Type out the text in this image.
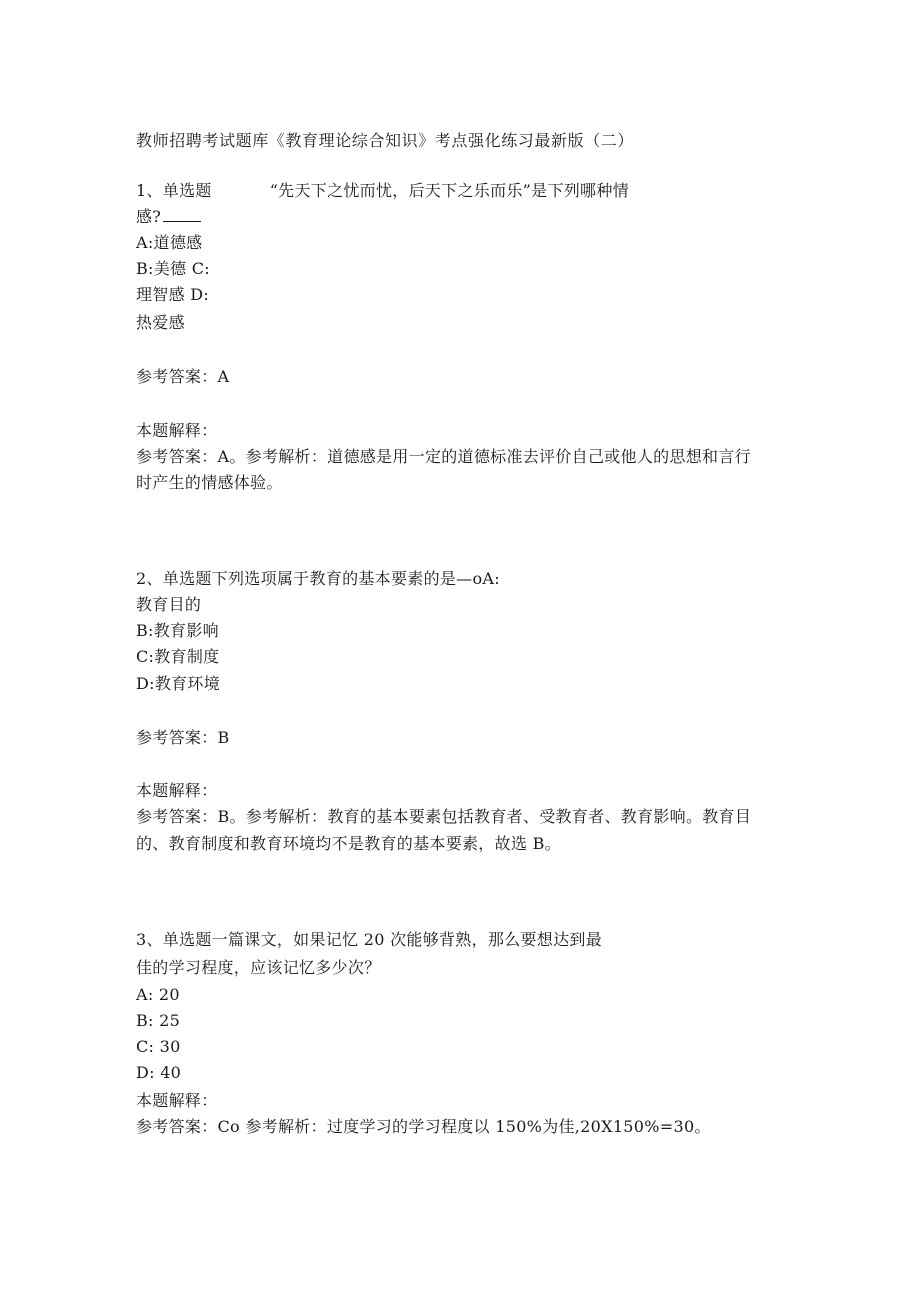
教师招聘考试题库《教育理论综合知识》考点强化练习最新版（二）
1、单选题	“先天下之忧而忧，后天下之乐而乐”是下列哪种情
感?
A:道德感
B:美德 C:
理智感 D:
热爱感
参考答案：A
本题解释：
参考答案：A。参考解析：道德感是用一定的道德标准去评价自己或他人的思想和言行
时产生的情感体验。
2、单选题下列选项属于教育的基本要素的是—oA:
教育目的
B:教育影响
C:教育制度
D:教育环境
参考答案：B
本题解释：
参考答案：B。参考解析：教育的基本要素包括教育者、受教育者、教育影响。教育目
的、教育制度和教育环境均不是教育的基本要素，故选 B。
3、单选题一篇课文，如果记忆 20 次能够背熟，那么要想达到最
佳的学习程度，应该记忆多少次？
A: 20
B: 25
C: 30
D: 40
本题解释：
参考答案：Co 参考解析：过度学习的学习程度以 150%为佳,20X150%=30。
